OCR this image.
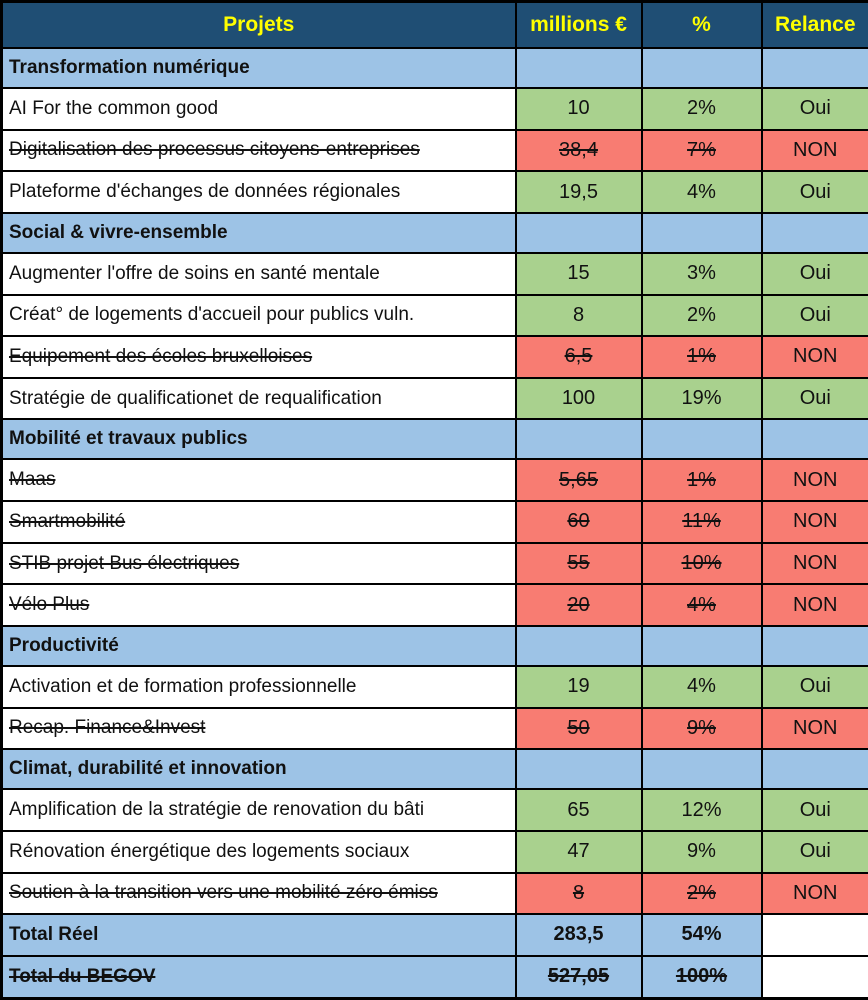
Projets	millions €	%	Relance
Transformation numérique			
AI For the common good	10	2%	Oui
Digitalisation des processus citoyens-entreprises	38,4	7%	NON
Plateforme d'échanges de données régionales	19,5	4%	Oui
Social & vivre-ensemble			
Augmenter l'offre de soins en santé mentale	15	3%	Oui
Créat° de logements d'accueil pour publics vuln.	8	2%	Oui
Equipement des écoles bruxelloises	6,5	1%	NON
Stratégie de qualificationet de requalification	100	19%	Oui
Mobilité et travaux publics			
Maas	5,65	1%	NON
Smartmobilité	60	11%	NON
STIB projet Bus électriques	55	10%	NON
Vélo Plus	20	4%	NON
Productivité			
Activation et de formation professionnelle	19	4%	Oui
Recap. Finance&Invest	50	9%	NON
Climat, durabilité et innovation			
Amplification de la stratégie de renovation du bâti	65	12%	Oui
Rénovation énergétique des logements sociaux	47	9%	Oui
Soutien à la transition vers une mobilité zéro émiss	8	2%	NON
Total Réel	283,5	54%	
Total du BEGOV	527,05	100%	
